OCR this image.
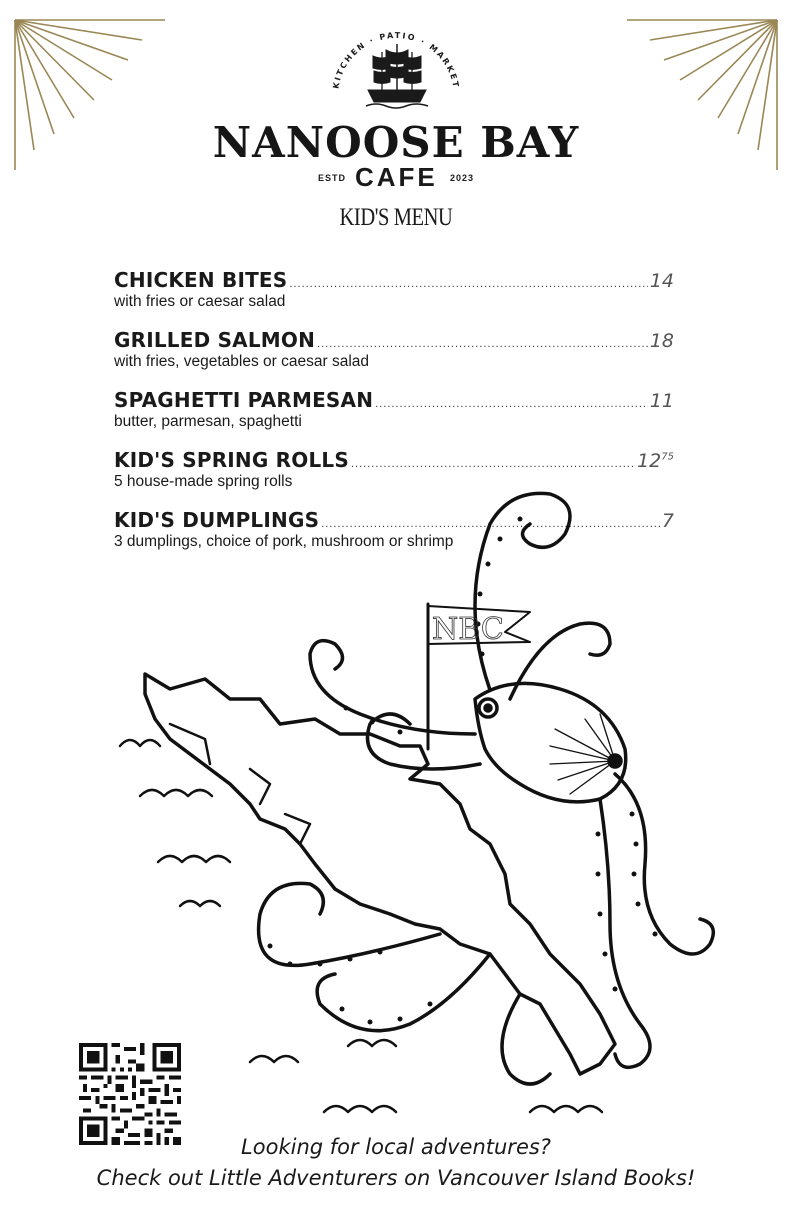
KITCHEN · PATIO · MARKET
NANOOSE BAY
ESTD CAFE 2023
KID'S MENU
CHICKEN BITES .....	14
with fries or caesar salad
GRILLED SALMON .....	18
with fries, vegetables or caesar salad
SPAGHETTI PARMESAN .....	11
butter, parmesan, spaghetti
KID'S SPRING ROLLS .....	$12^{75}$
5 house-made spring rolls
KID'S DUMPLINGS .....	7
3 dumplings, choice of pork, mushroom or shrimp
NBC
Looking for local adventures?
Check out Little Adventurers on Vancouver Island Books!
